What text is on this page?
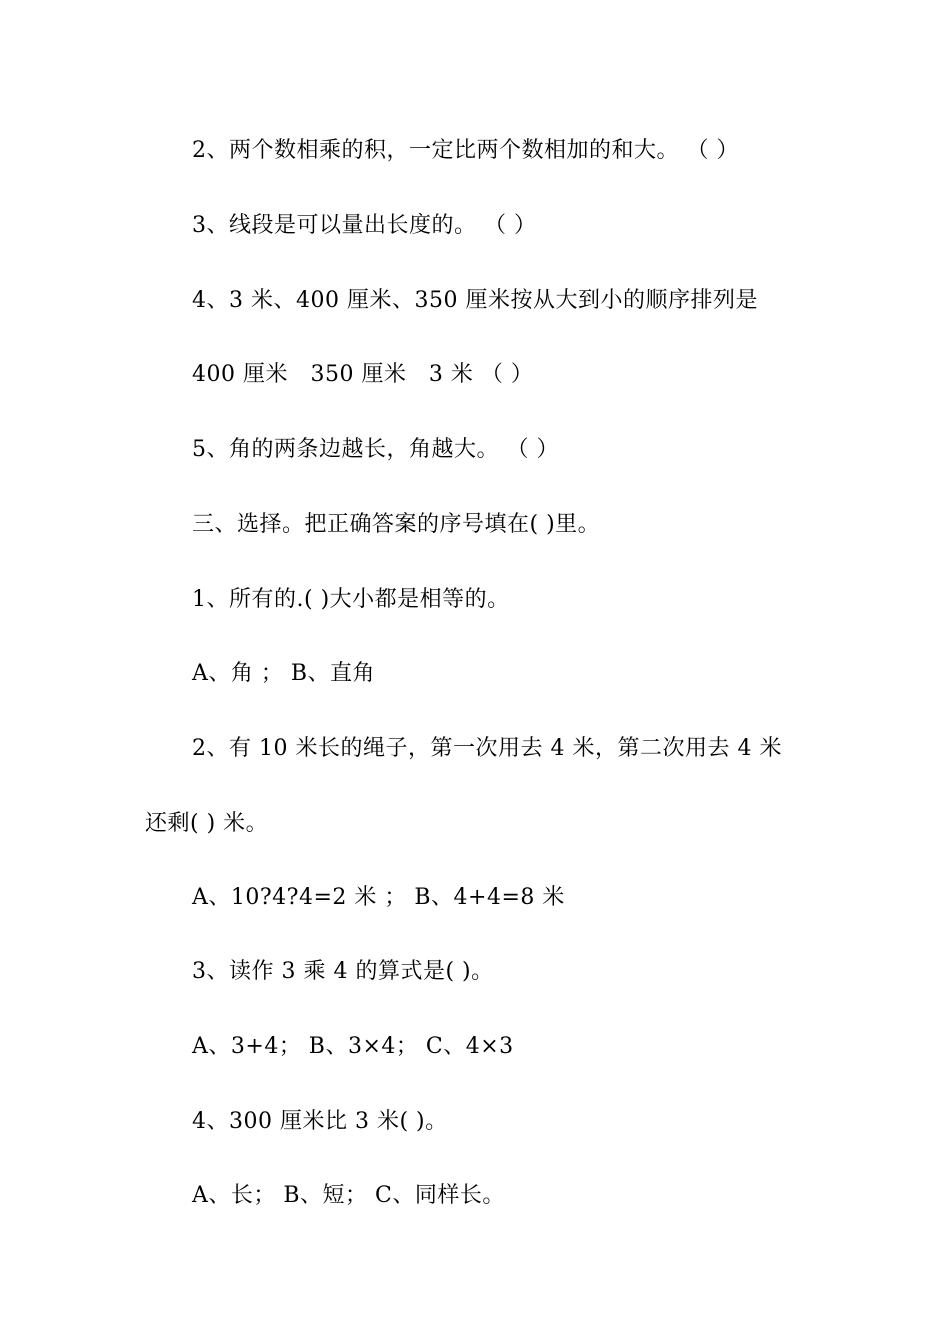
2、两个数相乘的积，一定比两个数相加的和大。 （ ）
3、线段是可以量出长度的。 （ ）
4、3 米、400 厘米、350 厘米按从大到小的顺序排列是
400 厘米   350 厘米   3 米 （ ）
5、角的两条边越长，角越大。 （ ）
三、选择。把正确答案的序号填在( )里。
1、所有的.( )大小都是相等的。
A、角 ； B、直角
2、有 10 米长的绳子，第一次用去 4 米，第二次用去 4 米
还剩( ) 米。
A、10?4?4=2 米 ； B、4+4=8 米
3、读作 3 乘 4 的算式是( )。
A、3+4； B、3×4； C、4×3
4、300 厘米比 3 米( )。
A、长； B、短； C、同样长。
